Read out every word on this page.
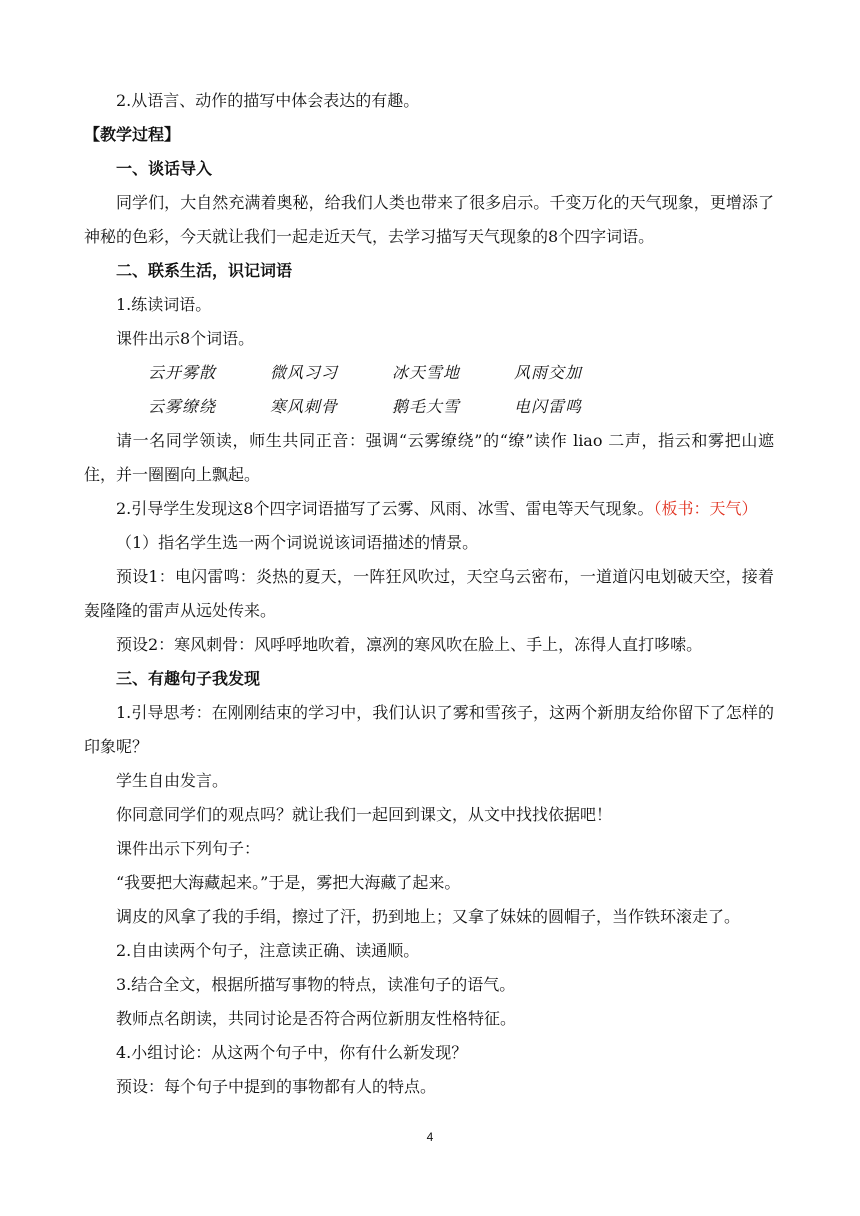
2.从语言、动作的描写中体会表达的有趣。

【教学过程】

一、谈话导入

同学们，大自然充满着奥秘，给我们人类也带来了很多启示。千变万化的天气现象，更增添了神秘的色彩，今天就让我们一起走近天气，去学习描写天气现象的8个四字词语。

二、联系生活，识记词语

1.练读词语。

课件出示8个词语。

云开雾散	微风习习	冰天雪地	风雨交加

云雾缭绕	寒风刺骨	鹅毛大雪	电闪雷鸣

请一名同学领读，师生共同正音：强调“云雾缭绕”的“缭”读作 liao 二声，指云和雾把山遮住，并一圈圈向上飘起。

2.引导学生发现这8个四字词语描写了云雾、风雨、冰雪、雷电等天气现象。（板书：天气）

（1）指名学生选一两个词说说该词语描述的情景。

预设1：电闪雷鸣：炎热的夏天，一阵狂风吹过，天空乌云密布，一道道闪电划破天空，接着轰隆隆的雷声从远处传来。

预设2：寒风刺骨：风呼呼地吹着，凛冽的寒风吹在脸上、手上，冻得人直打哆嗦。

三、有趣句子我发现

1.引导思考：在刚刚结束的学习中，我们认识了雾和雪孩子，这两个新朋友给你留下了怎样的印象呢？

学生自由发言。

你同意同学们的观点吗？就让我们一起回到课文，从文中找找依据吧！

课件出示下列句子：

“我要把大海藏起来。”于是，雾把大海藏了起来。

调皮的风拿了我的手绢，擦过了汗，扔到地上；又拿了妹妹的圆帽子，当作铁环滚走了。

2.自由读两个句子，注意读正确、读通顺。

3.结合全文，根据所描写事物的特点，读准句子的语气。

教师点名朗读，共同讨论是否符合两位新朋友性格特征。

4.小组讨论：从这两个句子中，你有什么新发现？

预设：每个句子中提到的事物都有人的特点。

4
